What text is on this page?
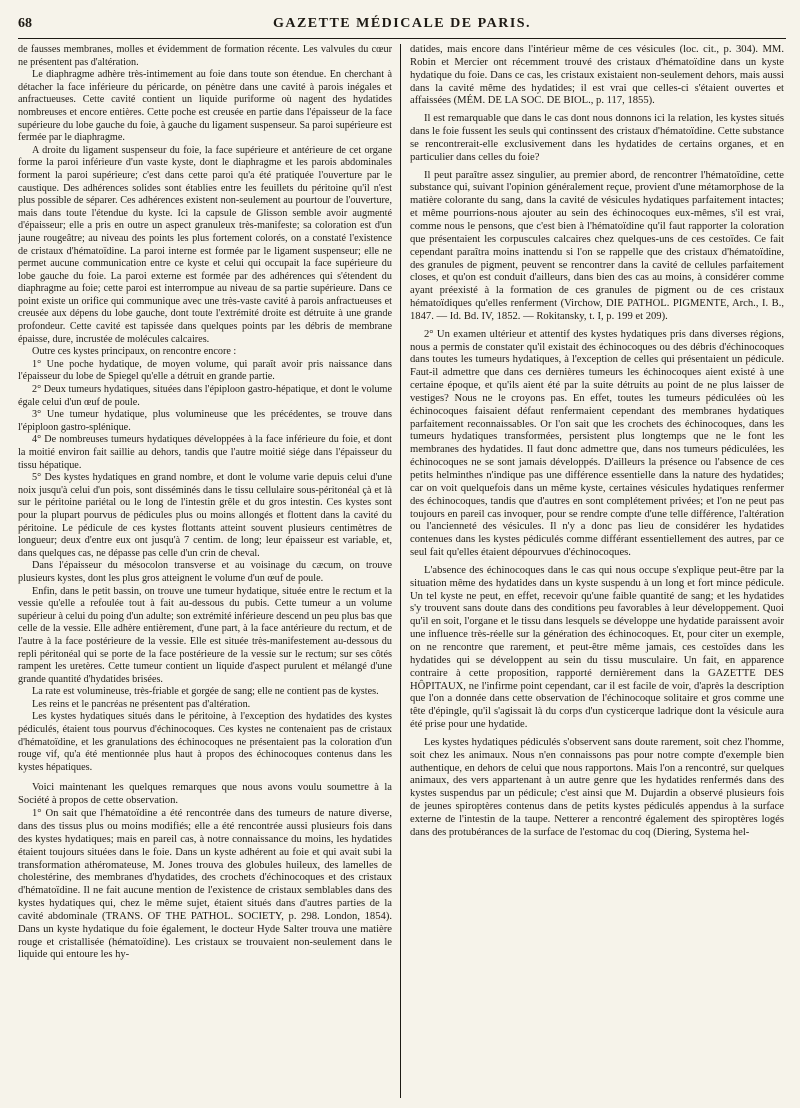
68	GAZETTE MÉDICALE DE PARIS.

de fausses membranes, molles et évidemment de formation récente. Les valvules du cœur ne présentent pas d'altération.

Le diaphragme adhère très-intimement au foie dans toute son étendue. En cherchant à détacher la face inférieure du péricarde, on pénètre dans une cavité à parois inégales et anfractueuses. Cette cavité contient un liquide puriforme où nagent des hydatides nombreuses et encore entières. Cette poche est creusée en partie dans l'épaisseur de la face supérieure du lobe gauche du foie, à gauche du ligament suspenseur. Sa paroi supérieure est fermée par le diaphragme.

A droite du ligament suspenseur du foie, la face supérieure et antérieure de cet organe forme la paroi inférieure d'un vaste kyste, dont le diaphragme et les parois abdominales forment la paroi supérieure; c'est dans cette paroi qu'a été pratiquée l'ouverture par le caustique. Des adhérences solides sont établies entre les feuillets du péritoine qu'il n'est plus possible de séparer. Ces adhérences existent non-seulement au pourtour de l'ouverture, mais dans toute l'étendue du kyste. Ici la capsule de Glisson semble avoir augmenté d'épaisseur; elle a pris en outre un aspect granuleux très-manifeste; sa coloration est d'un jaune rougeâtre; au niveau des points les plus fortement colorés, on a constaté l'existence de cristaux d'hématoïdine. La paroi interne est formée par le ligament suspenseur; elle ne permet aucune communication entre ce kyste et celui qui occupait la face supérieure du lobe gauche du foie. La paroi externe est formée par des adhérences qui s'étendent du diaphragme au foie; cette paroi est interrompue au niveau de sa partie supérieure. Dans ce point existe un orifice qui communique avec une très-vaste cavité à parois anfractueuses et creusée aux dépens du lobe gauche, dont toute l'extrémité droite est détruite à une grande profondeur. Cette cavité est tapissée dans quelques points par les débris de membrane épaisse, dure, incrustée de molécules calcaires.

Outre ces kystes principaux, on rencontre encore :

1° Une poche hydatique, de moyen volume, qui paraît avoir pris naissance dans l'épaisseur du lobe de Spiegel qu'elle a détruit en grande partie.

2° Deux tumeurs hydatiques, situées dans l'épiploon gastro-hépatique, et dont le volume égale celui d'un œuf de poule.

3° Une tumeur hydatique, plus volumineuse que les précédentes, se trouve dans l'épiploon gastro-splénique.

4° De nombreuses tumeurs hydatiques développées à la face inférieure du foie, et dont la moitié environ fait saillie au dehors, tandis que l'autre moitié siége dans l'épaisseur du tissu hépatique.

5° Des kystes hydatiques en grand nombre, et dont le volume varie depuis celui d'une noix jusqu'à celui d'un pois, sont disséminés dans le tissu cellulaire sous-péritonéal çà et là sur le péritoine pariétal ou le long de l'intestin grêle et du gros intestin. Ces kystes sont pour la plupart pourvus de pédicules plus ou moins allongés et flottent dans la cavité du péritoine. Le pédicule de ces kystes flottants atteint souvent plusieurs centimètres de longueur; deux d'entre eux ont jusqu'à 7 centim. de long; leur épaisseur est variable, et, dans quelques cas, ne dépasse pas celle d'un crin de cheval.

Dans l'épaisseur du mésocolon transverse et au voisinage du cæcum, on trouve plusieurs kystes, dont les plus gros atteignent le volume d'un œuf de poule.

Enfin, dans le petit bassin, on trouve une tumeur hydatique, située entre le rectum et la vessie qu'elle a refoulée tout à fait au-dessous du pubis. Cette tumeur a un volume supérieur à celui du poing d'un adulte; son extrémité inférieure descend un peu plus bas que celle de la vessie. Elle adhère entièrement, d'une part, à la face antérieure du rectum, et de l'autre à la face postérieure de la vessie. Elle est située très-manifestement au-dessous du repli péritonéal qui se porte de la face postérieure de la vessie sur le rectum; sur ses côtés rampent les uretères. Cette tumeur contient un liquide d'aspect purulent et mélangé d'une grande quantité d'hydatides brisées.

La rate est volumineuse, très-friable et gorgée de sang; elle ne contient pas de kystes.

Les reins et le pancréas ne présentent pas d'altération.

Les kystes hydatiques situés dans le péritoine, à l'exception des hydatides des kystes pédiculés, étaient tous pourvus d'échinocoques. Ces kystes ne contenaient pas de cristaux d'hématoïdine, et les granulations des échinocoques ne présentaient pas la coloration d'un rouge vif, qu'a été mentionnée plus haut à propos des échinocoques contenus dans les kystes hépatiques.

Voici maintenant les quelques remarques que nous avons voulu soumettre à la Société à propos de cette observation.

1° On sait que l'hématoïdine a été rencontrée dans des tumeurs de nature diverse, dans des tissus plus ou moins modifiés; elle a été rencontrée aussi plusieurs fois dans des kystes hydatiques; mais en pareil cas, à notre connaissance du moins, les hydatides étaient toujours situées dans le foie. Dans un kyste adhérent au foie et qui avait subi la transformation athéromateuse, M. Jones trouva des globules huileux, des lamelles de cholestérine, des membranes d'hydatides, des crochets d'échinocoques et des cristaux d'hématoïdine. Il ne fait aucune mention de l'existence de cristaux semblables dans des kystes hydatiques qui, chez le même sujet, étaient situés dans d'autres parties de la cavité abdominale (TRANS. OF THE PATHOL. SOCIETY, p. 298. London, 1854). Dans un kyste hydatique du foie également, le docteur Hyde Salter trouva une matière rouge et cristallisée (hématoïdine). Les cristaux se trouvaient non-seulement dans le liquide qui entoure les hy-

datides, mais encore dans l'intérieur même de ces vésicules (loc. cit., p. 304). MM. Robin et Mercier ont récemment trouvé des cristaux d'hématoïdine dans un kyste hydatique du foie. Dans ce cas, les cristaux existaient non-seulement dehors, mais aussi dans la cavité même des hydatides; il est vrai que celles-ci s'étaient ouvertes et affaissées (MÉM. DE LA SOC. DE BIOL., p. 117, 1855).

Il est remarquable que dans le cas dont nous donnons ici la relation, les kystes situés dans le foie fussent les seuls qui continssent des cristaux d'hématoïdine. Cette substance se rencontrerait-elle exclusivement dans les hydatides de certains organes, et en particulier dans celles du foie?

Il peut paraître assez singulier, au premier abord, de rencontrer l'hématoïdine, cette substance qui, suivant l'opinion généralement reçue, provient d'une métamorphose de la matière colorante du sang, dans la cavité de vésicules hydatiques parfaitement intactes; et même pourrions-nous ajouter au sein des échinocoques eux-mêmes, s'il est vrai, comme nous le pensons, que c'est bien à l'hématoïdine qu'il faut rapporter la coloration que présentaient les corpuscules calcaires chez quelques-uns de ces cestoïdes. Ce fait cependant paraîtra moins inattendu si l'on se rappelle que des cristaux d'hématoïdine, des granules de pigment, peuvent se rencontrer dans la cavité de cellules parfaitement closes, et qu'on est conduit d'ailleurs, dans bien des cas au moins, à considérer comme ayant préexisté à la formation de ces granules de pigment ou de ces cristaux hématoïdiques qu'elles renferment (Virchow, DIE PATHOL. PIGMENTE, Arch., I. B., 1847. — Id. Bd. IV, 1852. — Rokitansky, t. I, p. 199 et 209).

2° Un examen ultérieur et attentif des kystes hydatiques pris dans diverses régions, nous a permis de constater qu'il existait des échinocoques ou des débris d'échinocoques dans toutes les tumeurs hydatiques, à l'exception de celles qui présentaient un pédicule. Faut-il admettre que dans ces dernières tumeurs les échinocoques aient existé à une certaine époque, et qu'ils aient été par la suite détruits au point de ne plus laisser de vestiges? Nous ne le croyons pas. En effet, toutes les tumeurs pédiculées où les échinocoques faisaient défaut renfermaient cependant des membranes hydatiques parfaitement reconnaissables. Or l'on sait que les crochets des échinocoques, dans les tumeurs hydatiques transformées, persistent plus longtemps que ne le font les membranes des hydatides. Il faut donc admettre que, dans nos tumeurs pédiculées, les échinocoques ne se sont jamais développés. D'ailleurs la présence ou l'absence de ces petits helminthes n'indique pas une différence essentielle dans la nature des hydatides; car on voit quelquefois dans un même kyste, certaines vésicules hydatiques renfermer des échinocoques, tandis que d'autres en sont complétement privées; et l'on ne peut pas toujours en pareil cas invoquer, pour se rendre compte d'une telle différence, l'altération ou l'ancienneté des vésicules. Il n'y a donc pas lieu de considérer les hydatides contenues dans les kystes pédiculés comme différant essentiellement des autres, par ce seul fait qu'elles étaient dépourvues d'échinocoques.

L'absence des échinocoques dans le cas qui nous occupe s'explique peut-être par la situation même des hydatides dans un kyste suspendu à un long et fort mince pédicule. Un tel kyste ne peut, en effet, recevoir qu'une faible quantité de sang; et les hydatides s'y trouvent sans doute dans des conditions peu favorables à leur développement. Quoi qu'il en soit, l'organe et le tissu dans lesquels se développe une hydatide paraissent avoir une influence très-réelle sur la génération des échinocoques. Et, pour citer un exemple, on ne rencontre que rarement, et peut-être même jamais, ces cestoïdes dans les hydatides qui se développent au sein du tissu musculaire. Un fait, en apparence contraire à cette proposition, rapporté dernièrement dans la GAZETTE DES HÔPITAUX, ne l'infirme point cependant, car il est facile de voir, d'après la description que l'on a donnée dans cette observation de l'échinocoque solitaire et gros comme une tête d'épingle, qu'il s'agissait là du corps d'un cysticerque ladrique dont la vésicule aura été prise pour une hydatide.

Les kystes hydatiques pédiculés s'observent sans doute rarement, soit chez l'homme, soit chez les animaux. Nous n'en connaissons pas pour notre compte d'exemple bien authentique, en dehors de celui que nous rapportons. Mais l'on a rencontré, sur quelques animaux, des vers appartenant à un autre genre que les hydatides renfermés dans des kystes suspendus par un pédicule; c'est ainsi que M. Dujardin a observé plusieurs fois de jeunes spiroptères contenus dans de petits kystes pédiculés appendus à la surface externe de l'intestin de la taupe. Netterer a rencontré également des spiroptères logés dans des protubérances de la surface de l'estomac du coq (Diering, Systema hel-
